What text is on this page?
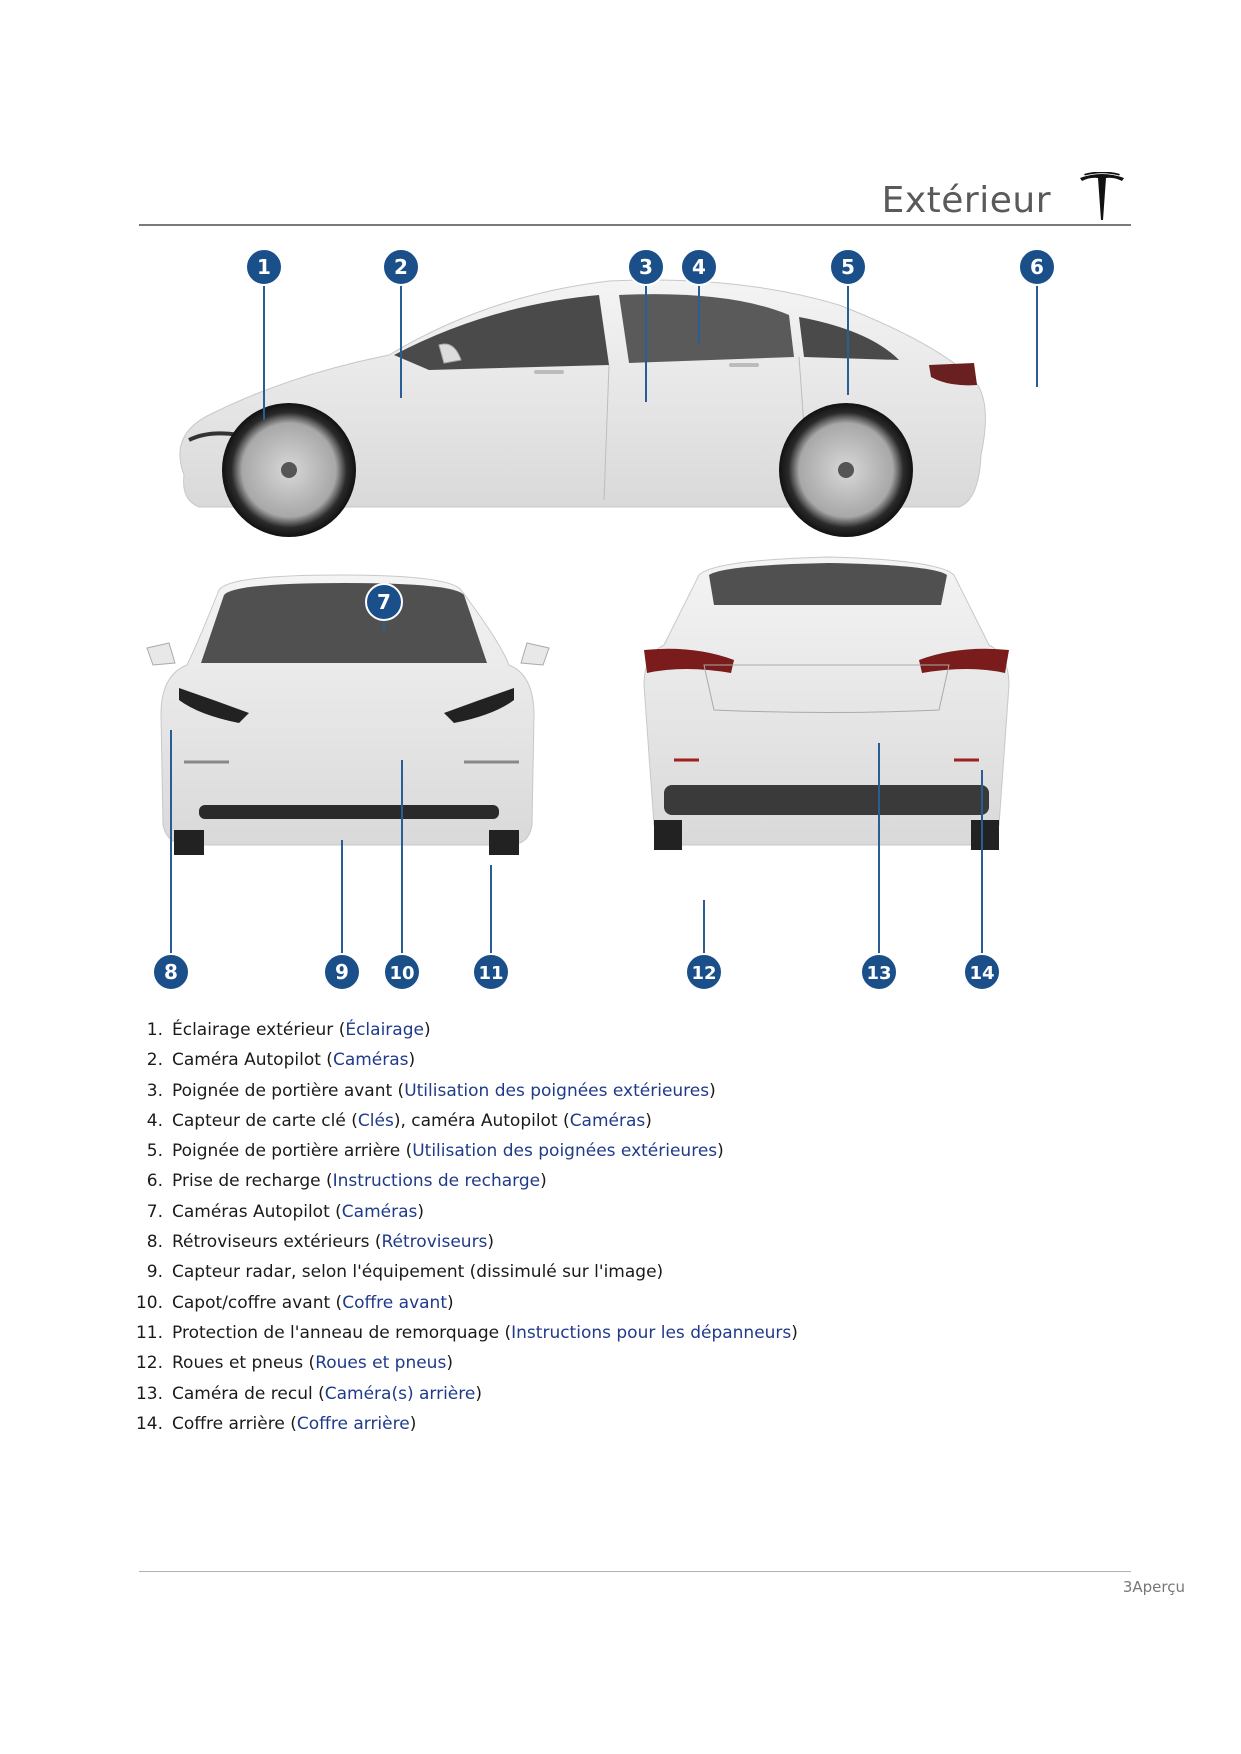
Extérieur
1	2	3 4	5	6
7
8	9 10	11	12	13	14
1. Éclairage extérieur (Éclairage)
2. Caméra Autopilot (Caméras)
3. Poignée de portière avant (Utilisation des poignées extérieures)
4. Capteur de carte clé (Clés), caméra Autopilot (Caméras)
5. Poignée de portière arrière (Utilisation des poignées extérieures)
6. Prise de recharge (Instructions de recharge)
7. Caméras Autopilot (Caméras)
8. Rétroviseurs extérieurs (Rétroviseurs)
9. Capteur radar, selon l'équipement (dissimulé sur l'image)
10. Capot/coffre avant (Coffre avant)
11. Protection de l'anneau de remorquage (Instructions pour les dépanneurs)
12. Roues et pneus (Roues et pneus)
13. Caméra de recul (Caméra(s) arrière)
14. Coffre arrière (Coffre arrière)
3Aperçu
